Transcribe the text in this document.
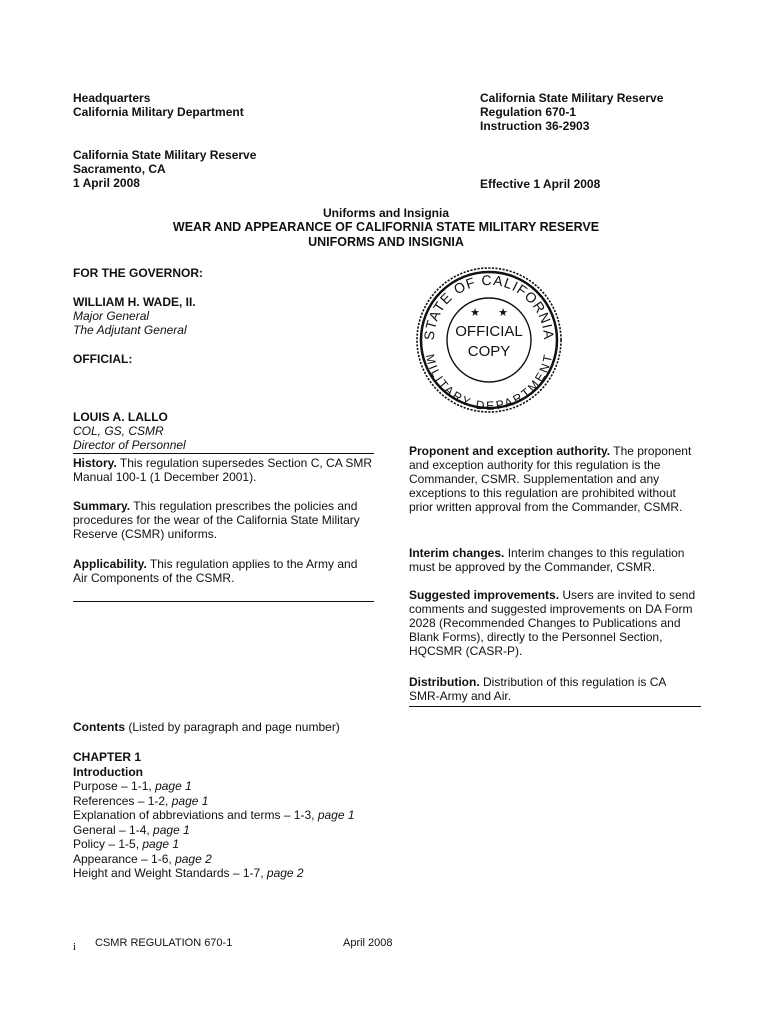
Headquarters
California Military Department
California State Military Reserve
Regulation 670-1
Instruction 36-2903
California State Military Reserve
Sacramento, CA
1 April 2008	Effective 1 April 2008
Uniforms and Insignia
WEAR AND APPEARANCE OF CALIFORNIA STATE MILITARY RESERVE
UNIFORMS AND INSIGNIA
FOR THE GOVERNOR:
WILLIAM H. WADE, II.
Major General
The Adjutant General
OFFICIAL:
LOUIS A. LALLO
COL, GS, CSMR
Director of Personnel
STATE OF CALIFORNIA
MILITARY DEPARTMENT
★ ★
OFFICIAL
COPY
History. This regulation supersedes Section C, CA SMR Manual 100-1 (1 December 2001).
Summary. This regulation prescribes the policies and procedures for the wear of the California State Military Reserve (CSMR) uniforms.
Applicability. This regulation applies to the Army and Air Components of the CSMR.
Proponent and exception authority. The proponent and exception authority for this regulation is the Commander, CSMR. Supplementation and any exceptions to this regulation are prohibited without prior written approval from the Commander, CSMR.
Interim changes. Interim changes to this regulation must be approved by the Commander, CSMR.
Suggested improvements. Users are invited to send comments and suggested improvements on DA Form 2028 (Recommended Changes to Publications and Blank Forms), directly to the Personnel Section, HQCSMR (CASR-P).
Distribution. Distribution of this regulation is CA SMR-Army and Air.
Contents (Listed by paragraph and page number)
CHAPTER 1
Introduction
Purpose – 1-1, page 1
References – 1-2, page 1
Explanation of abbreviations and terms – 1-3, page 1
General – 1-4, page 1
Policy – 1-5, page 1
Appearance – 1-6, page 2
Height and Weight Standards – 1-7, page 2
i CSMR REGULATION 670-1	April 2008
